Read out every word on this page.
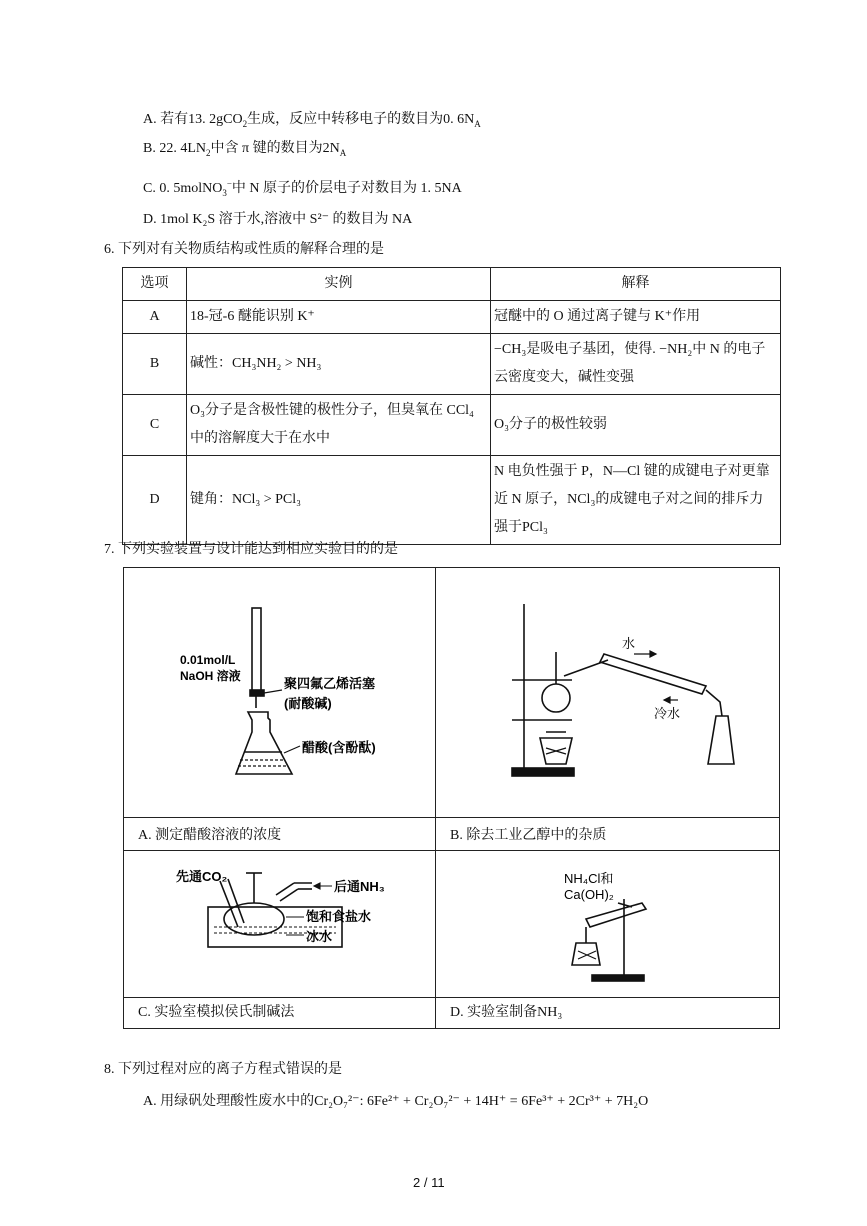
A. 若有13. 2gCO$_2$生成，反应中转移电子的数目为0. $6N_A$
B. 22. $4LN_2$中含 π 键的数目为$2N_A$
C. 0. 5molNO$_3$−中 N 原子的价层电子对数目为 1. 5NA
D. 1mol K₂S 溶于水,溶液中 S²⁻ 的数目为 NA
6. 下列对有关物质结构或性质的解释合理的是
选项	实例	解释
A	18-冠-6 醚能识别 K⁺	冠醚中的 O 通过离子键与 K⁺作用
B	碱性：CH₃NH₂ > NH₃	−CH₃是吸电子基团，使得. −NH₂中 N 的电子云密度变大，碱性变强
C	O₃分子是含极性键的极性分子，但臭氧在 CCl₄中的溶解度大于在水中	O₃分子的极性较弱
D	键角：NCl₃ > PCl₃	N 电负性强于 P，N—Cl 键的成键电子对更靠近 N 原子，NCl₃的成键电子对之间的排斥力强于PCl₃
7. 下列实验装置与设计能达到相应实验目的的是
0.01mol/L
NaOH 溶液	聚四氟乙烯活塞
(耐酸碱)
醋酸(含酚酞)
水
冷水
A. 测定醋酸溶液的浓度	B. 除去工业乙醇中的杂质
先通CO₂
后通NH₃
饱和食盐水
冰水
NH₄Cl和
Ca(OH)₂
C. 实验室模拟侯氏制碱法	D. 实验室制备NH₃
8. 下列过程对应的离子方程式错误的是
A. 用绿矾处理酸性废水中的Cr₂O₇²⁻: 6Fe²⁺ + Cr₂O₇²⁻ + 14H⁺ = 6Fe³⁺ + 2Cr³⁺ + 7H₂O
2 / 11
